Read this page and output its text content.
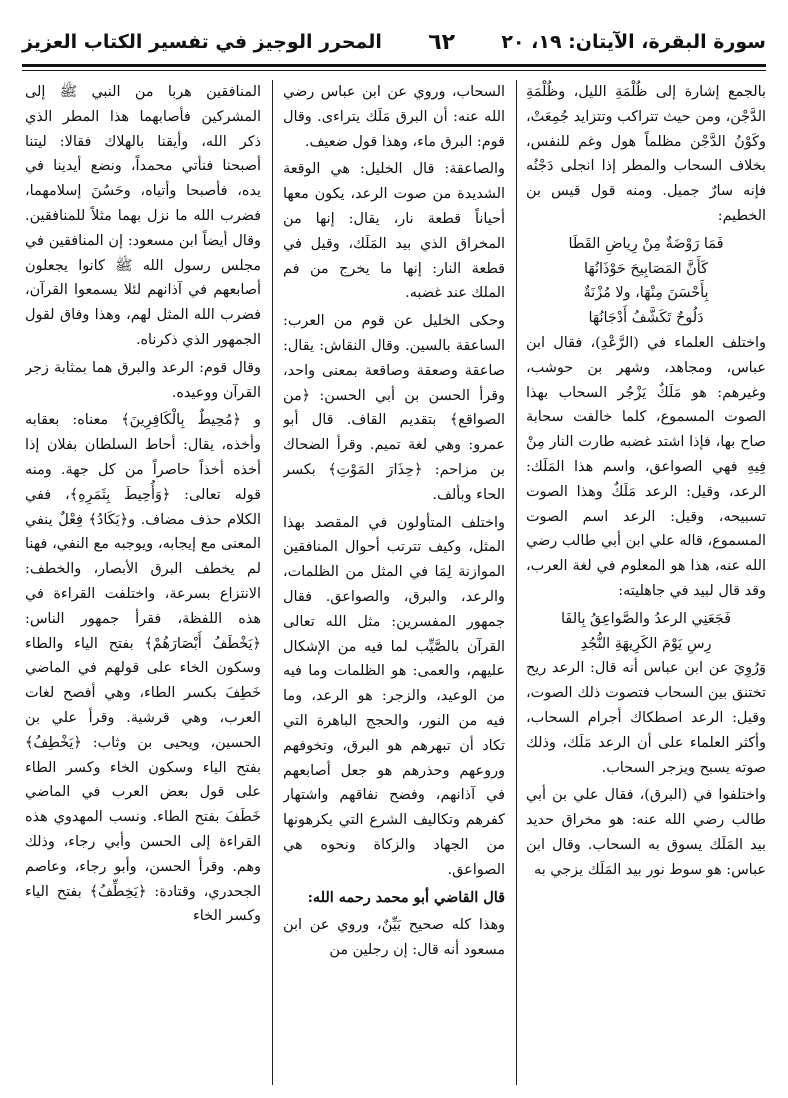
سورة البقرة، الآيتان: ١٩، ٢٠
٦٢
المحرر الوجيز في تفسير الكتاب العزيز

بالجمع إشارة إلى ظُلْمَةِ الليل، وظُلْمَةِ الدَّجْن، ومن حيث تتراكب وتتزايد جُمِعَتْ، وكَوْنُ الدَّجْن مظلماً هول وغم للنفس، بخلاف السحاب والمطر إذا انجلى دَجْنُه فإنه سارٌ جميل. ومنه قول قيس بن الخطيم:

فَمَا رَوْضَةٌ مِنْ رِياضِ القَطَا

كَأَنَّ المَصَابِيحَ حَوْذَانُهَا

بِأَحْسَنَ مِنْهَا، ولا مُزْنَةٌ

دَلُوحٌ تَكَشَّفُ أَدْجَانُهَا

واختلف العلماء في (الرَّعْدِ)، فقال ابن عباس، ومجاهد، وشهر بن حوشب، وغيرهم: هو مَلَكٌ يَزْجُر السحاب بهذا الصوت المسموع، كلما خالفت سحابة صاح بها، فإذا اشتد غضبه طارت النار مِنْ فِيهِ فهي الصواعق، واسم هذا المَلَك: الرعد، وقيل: الرعد مَلَكٌ وهذا الصوت تسبيحه، وقيل: الرعد اسم الصوت المسموع، قاله علي ابن أبي طالب رضي الله عنه، هذا هو المعلوم في لغة العرب، وقد قال لبيد في جاهليته:

فَجَعَنِي الرعدُ والصَّواعِقُ بِالفَا

رِسِ يَوْمَ الكَرِيهَةِ النُّجُدِ

وَرُوِيَ عن ابن عباس أنه قال: الرعد ريح تختنق بين السحاب فتصوت ذلك الصوت، وقيل: الرعد اصطكاك أجرام السحاب، وأكثر العلماء على أن الرعد مَلَك، وذلك صوته يسبح ويزجر السحاب.

واختلفوا في (البرق)، فقال علي بن أبي طالب رضي الله عنه: هو مخراق حديد بيد المَلَك يسوق به السحاب. وقال ابن عباس: هو سوط نور بيد المَلَك يزجي به

السحاب، وروي عن ابن عباس رضي الله عنه: أن البرق مَلَك يتراءى. وقال قوم: البرق ماء، وهذا قول ضعيف.

والصاعقة: قال الخليل: هي الوقعة الشديدة من صوت الرعد، يكون معها أحياناً قطعة نار، يقال: إنها من المخراق الذي بيد المَلَك، وقيل في قطعة النار: إنها ما يخرج من فم الملك عند غضبه.

وحكى الخليل عن قوم من العرب: الساعقة بالسين. وقال النقاش: يقال: صاعقة وصعقة وصاقعة بمعنى واحد، وقرأ الحسن بن أبي الحسن: ﴿من الصواقع﴾ بتقديم القاف. قال أبو عمرو: وهي لغة تميم. وقرأ الضحاك بن مزاحم: ﴿حِذَارَ المَوْتِ﴾ بكسر الحاء وبألف.

واختلف المتأولون في المقصد بهذا المثل، وكيف تترتب أحوال المنافقين الموازنة لِمَا في المثل من الظلمات، والرعد، والبرق، والصواعق. فقال جمهور المفسرين: مثل الله تعالى القرآن بالصَّيِّب لما فيه من الإشكال عليهم، والعمى: هو الظلمات وما فيه من الوعيد، والزجر: هو الرعد، وما فيه من النور، والحجج الباهرة التي تكاد أن تبهرهم هو البرق، وتخوفهم وروعهم وحذرهم هو جعل أصابعهم في آذانهم، وفضح نفاقهم واشتهار كفرهم وتكاليف الشرع التي يكرهونها من الجهاد والزكاة ونحوه هي الصواعق.

قال القاضي أبو محمد رحمه الله:

وهذا كله صحيح بَيِّنٌ، وروي عن ابن مسعود أنه قال: إن رجلين من

المنافقين هربا من النبي ﷺ إلى المشركين فأصابهما هذا المطر الذي ذكر الله، وأيقنا بالهلاك فقالا: ليتنا أصبحنا فنأتي محمداً، ونضع أيدينا في يده، فأصبحا وأتياه، وحَسُنَ إسلامهما، فضرب الله ما نزل بهما مثلاً للمنافقين. وقال أيضاً ابن مسعود: إن المنافقين في مجلس رسول الله ﷺ كانوا يجعلون أصابعهم في آذانهم لئلا يسمعوا القرآن، فضرب الله المثل لهم، وهذا وفاق لقول الجمهور الذي ذكرناه.

وقال قوم: الرعد والبرق هما بمثابة زجر القرآن ووعيده.

و ﴿مُحِيطٌ بِالْكَافِرِينَ﴾ معناه: بعقابه وأخذه، يقال: أحاط السلطان بفلان إذا أخذه أخذاً حاصراً من كل جهة. ومنه قوله تعالى: ﴿وَأُحِيطَ بِثَمَرِهِ﴾، ففي الكلام حذف مضاف. و﴿يَكَادُ﴾ فِعْلٌ ينفي المعنى مع إيجابه، ويوجبه مع النفي، فهنا لم يخطف البرق الأبصار، والخطف: الانتزاع بسرعة، واختلفت القراءة في هذه اللفظة، فقرأ جمهور الناس: ﴿يَخْطَفُ أَبْصَارَهُمْ﴾ بفتح الياء والطاء وسكون الخاء على قولهم في الماضي خَطِفَ بكسر الطاء، وهي أفصح لغات العرب، وهي قرشية. وقرأ علي بن الحسين، ويحيى بن وثاب: ﴿يَخْطِفُ﴾ بفتح الياء وسكون الخاء وكسر الطاء على قول بعض العرب في الماضي خَطَفَ بفتح الطاء. ونسب المهدوي هذه القراءة إلى الحسن وأبي رجاء، وذلك وهم. وقرأ الحسن، وأبو رجاء، وعاصم الجحدري، وقتادة: ﴿يَخِطِّفُ﴾ بفتح الياء وكسر الخاء
